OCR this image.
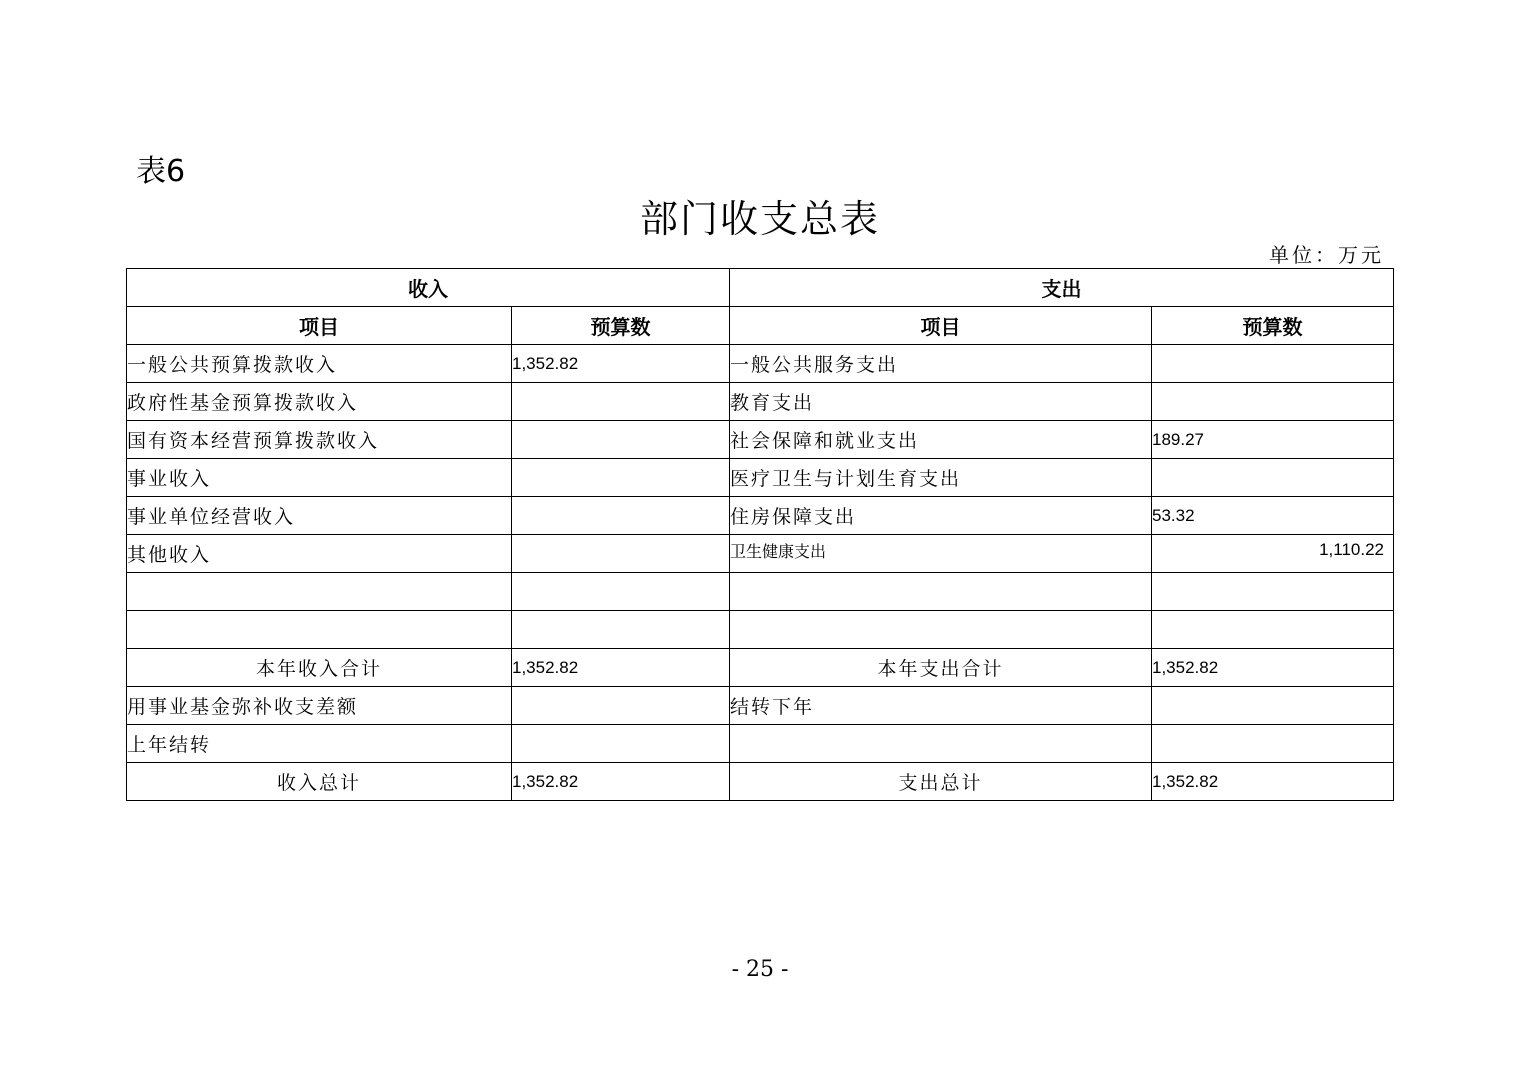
表6
部门收支总表
单位：万元
收入		支出	
项目	预算数	项目	预算数
一般公共预算拨款收入	1,352.82	一般公共服务支出	
政府性基金预算拨款收入		教育支出	
国有资本经营预算拨款收入		社会保障和就业支出	189.27
事业收入		医疗卫生与计划生育支出	
事业单位经营收入		住房保障支出	53.32
其他收入		卫生健康支出	1,110.22

本年收入合计	1,352.82	本年支出合计	1,352.82
用事业基金弥补收支差额		结转下年	
上年结转			
收入总计	1,352.82	支出总计	1,352.82
- 25 -
